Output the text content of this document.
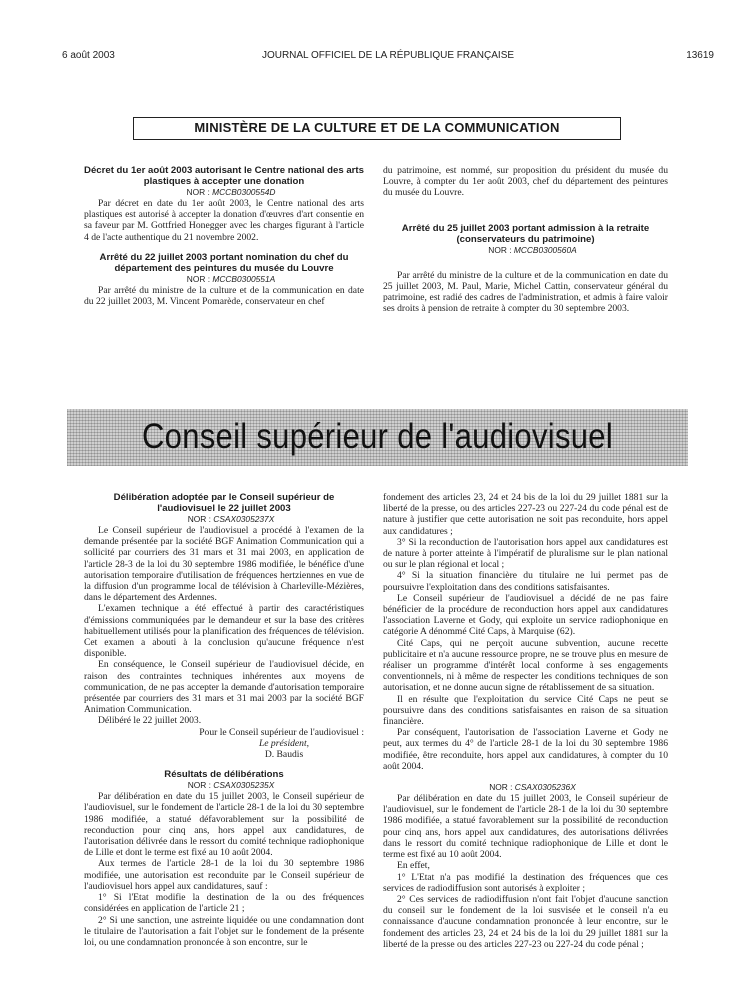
6 août 2003	JOURNAL OFFICIEL DE LA RÉPUBLIQUE FRANÇAISE	13619
MINISTÈRE DE LA CULTURE ET DE LA COMMUNICATION

Décret du 1er août 2003 autorisant le Centre national des arts plastiques à accepter une donation

NOR : MCCB0300554D

Par décret en date du 1er août 2003, le Centre national des arts plastiques est autorisé à accepter la donation d'œuvres d'art consentie en sa faveur par M. Gottfried Honegger avec les charges figurant à l'article 4 de l'acte authentique du 21 novembre 2002.

Arrêté du 22 juillet 2003 portant nomination du chef du département des peintures du musée du Louvre

NOR : MCCB0300551A

Par arrêté du ministre de la culture et de la communication en date du 22 juillet 2003, M. Vincent Pomarède, conservateur en chef

du patrimoine, est nommé, sur proposition du président du musée du Louvre, à compter du 1er août 2003, chef du département des peintures du musée du Louvre.

Arrêté du 25 juillet 2003 portant admission à la retraite (conservateurs du patrimoine)

NOR : MCCB0300560A

Par arrêté du ministre de la culture et de la communication en date du 25 juillet 2003, M. Paul, Marie, Michel Cattin, conservateur général du patrimoine, est radié des cadres de l'administration, et admis à faire valoir ses droits à pension de retraite à compter du 30 septembre 2003.

Conseil supérieur de l'audiovisuel

Délibération adoptée par le Conseil supérieur de l'audiovisuel le 22 juillet 2003

NOR : CSAX0305237X

Le Conseil supérieur de l'audiovisuel a procédé à l'examen de la demande présentée par la société BGF Animation Communication qui a sollicité par courriers des 31 mars et 31 mai 2003, en application de l'article 28-3 de la loi du 30 septembre 1986 modifiée, le bénéfice d'une autorisation temporaire d'utilisation de fréquences hertziennes en vue de la diffusion d'un programme local de télévision à Charleville-Mézières, dans le département des Ardennes.

L'examen technique a été effectué à partir des caractéristiques d'émissions communiquées par le demandeur et sur la base des critères habituellement utilisés pour la planification des fréquences de télévision. Cet examen a abouti à la conclusion qu'aucune fréquence n'est disponible.

En conséquence, le Conseil supérieur de l'audiovisuel décide, en raison des contraintes techniques inhérentes aux moyens de communication, de ne pas accepter la demande d'autorisation temporaire présentée par courriers des 31 mars et 31 mai 2003 par la société BGF Animation Communication.

Délibéré le 22 juillet 2003.

Pour le Conseil supérieur de l'audiovisuel :

Le président,

D. Baudis

Résultats de délibérations

NOR : CSAX0305235X

Par délibération en date du 15 juillet 2003, le Conseil supérieur de l'audiovisuel, sur le fondement de l'article 28-1 de la loi du 30 septembre 1986 modifiée, a statué défavorablement sur la possibilité de reconduction pour cinq ans, hors appel aux candidatures, de l'autorisation délivrée dans le ressort du comité technique radiophonique de Lille et dont le terme est fixé au 10 août 2004.

Aux termes de l'article 28-1 de la loi du 30 septembre 1986 modifiée, une autorisation est reconduite par le Conseil supérieur de l'audiovisuel hors appel aux candidatures, sauf :

1° Si l'Etat modifie la destination de la ou des fréquences considérées en application de l'article 21 ;

2° Si une sanction, une astreinte liquidée ou une condamnation dont le titulaire de l'autorisation a fait l'objet sur le fondement de la présente loi, ou une condamnation prononcée à son encontre, sur le

fondement des articles 23, 24 et 24 bis de la loi du 29 juillet 1881 sur la liberté de la presse, ou des articles 227-23 ou 227-24 du code pénal est de nature à justifier que cette autorisation ne soit pas reconduite, hors appel aux candidatures ;

3° Si la reconduction de l'autorisation hors appel aux candidatures est de nature à porter atteinte à l'impératif de pluralisme sur le plan national ou sur le plan régional et local ;

4° Si la situation financière du titulaire ne lui permet pas de poursuivre l'exploitation dans des conditions satisfaisantes.

Le Conseil supérieur de l'audiovisuel a décidé de ne pas faire bénéficier de la procédure de reconduction hors appel aux candidatures l'association Laverne et Gody, qui exploite un service radiophonique en catégorie A dénommé Cité Caps, à Marquise (62).

Cité Caps, qui ne perçoit aucune subvention, aucune recette publicitaire et n'a aucune ressource propre, ne se trouve plus en mesure de réaliser un programme d'intérêt local conforme à ses engagements conventionnels, ni à même de respecter les conditions techniques de son autorisation, et ne donne aucun signe de rétablissement de sa situation.

Il en résulte que l'exploitation du service Cité Caps ne peut se poursuivre dans des conditions satisfaisantes en raison de sa situation financière.

Par conséquent, l'autorisation de l'association Laverne et Gody ne peut, aux termes du 4° de l'article 28-1 de la loi du 30 septembre 1986 modifiée, être reconduite, hors appel aux candidatures, à compter du 10 août 2004.

NOR : CSAX0305236X

Par délibération en date du 15 juillet 2003, le Conseil supérieur de l'audiovisuel, sur le fondement de l'article 28-1 de la loi du 30 septembre 1986 modifiée, a statué favorablement sur la possibilité de reconduction pour cinq ans, hors appel aux candidatures, des autorisations délivrées dans le ressort du comité technique radiophonique de Lille et dont le terme est fixé au 10 août 2004.

En effet,

1° L'Etat n'a pas modifié la destination des fréquences que ces services de radiodiffusion sont autorisés à exploiter ;

2° Ces services de radiodiffusion n'ont fait l'objet d'aucune sanction du conseil sur le fondement de la loi susvisée et le conseil n'a eu connaissance d'aucune condamnation prononcée à leur encontre, sur le fondement des articles 23, 24 et 24 bis de la loi du 29 juillet 1881 sur la liberté de la presse ou des articles 227-23 ou 227-24 du code pénal ;
